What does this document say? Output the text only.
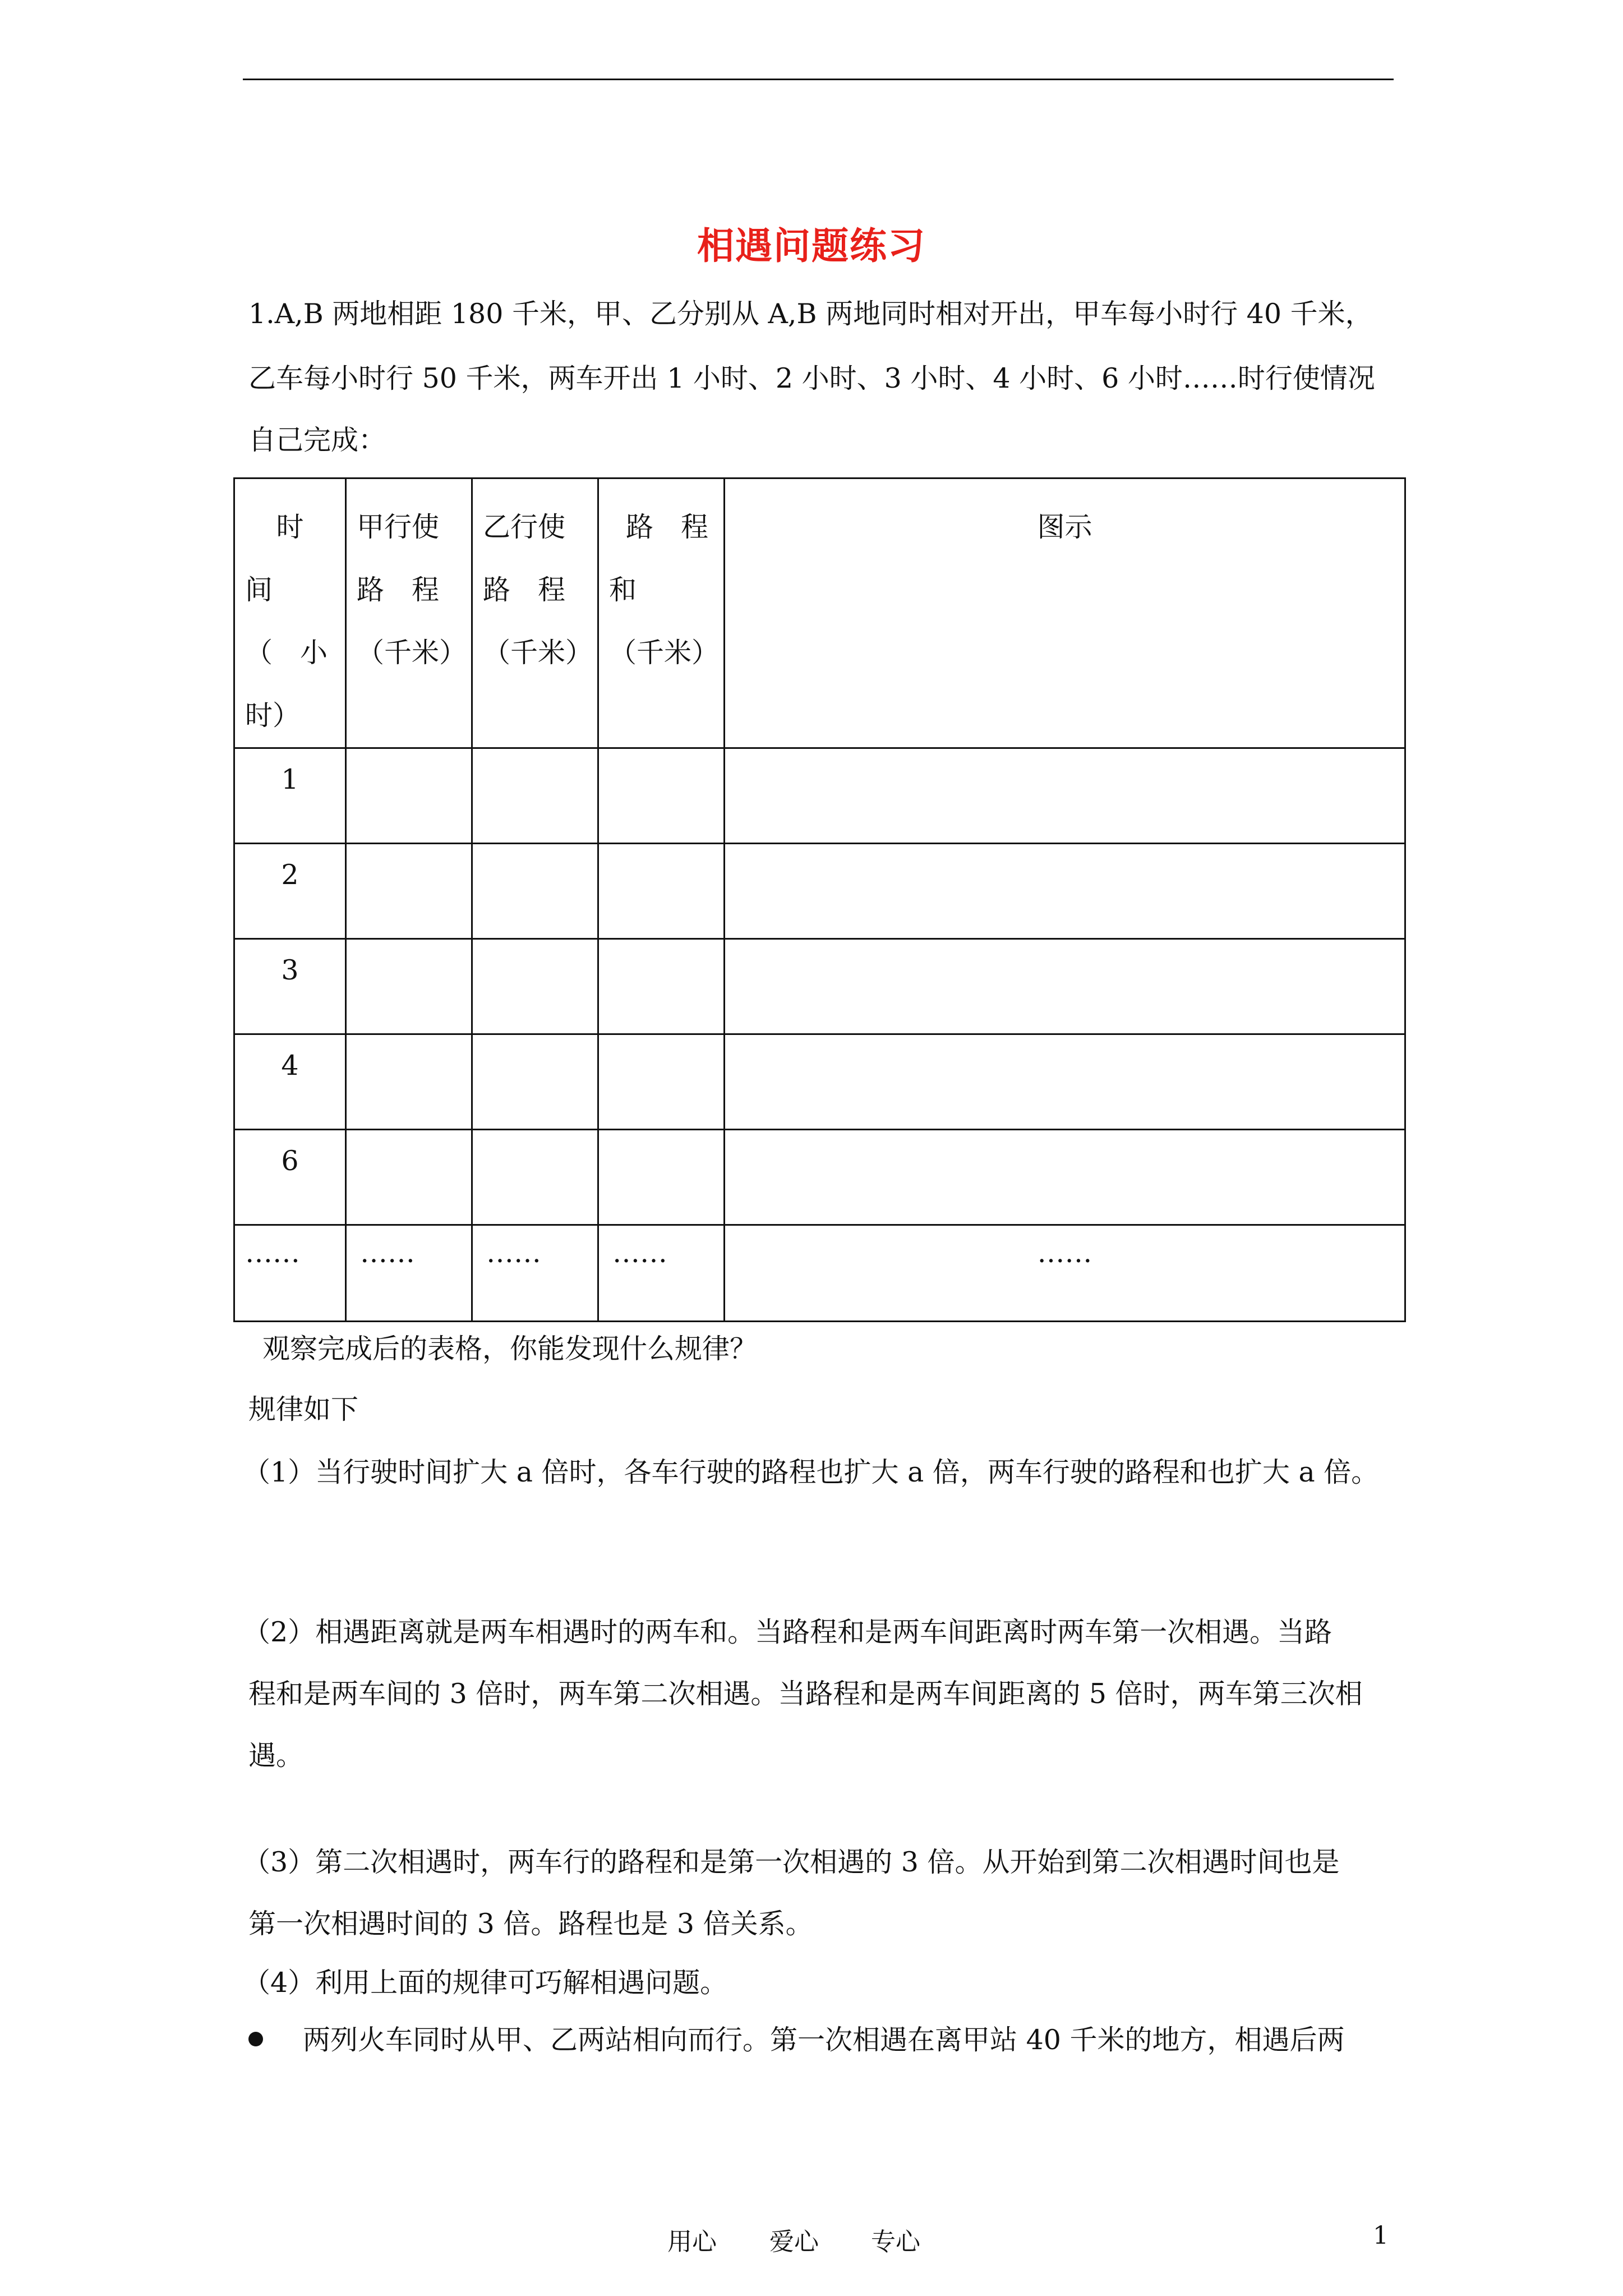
相遇问题练习
1.A,B 两地相距 180 千米，甲、乙分别从 A,B 两地同时相对开出，甲车每小时行 40 千米，
乙车每小时行 50 千米，两车开出 1 小时、2 小时、3 小时、4 小时、6 小时……时行使情况
自己完成：
时
间
（　小
时）	甲行使
路　程
（千米）	乙行使
路　程
（千米）	路　程
和
（千米）	图示
1				
2				
3				
4				
6				
……	……	……	……	……
观察完成后的表格，你能发现什么规律？
规律如下
（1）当行驶时间扩大 a 倍时，各车行驶的路程也扩大 a 倍，两车行驶的路程和也扩大 a 倍。
（2）相遇距离就是两车相遇时的两车和。当路程和是两车间距离时两车第一次相遇。当路
程和是两车间的 3 倍时，两车第二次相遇。当路程和是两车间距离的 5 倍时，两车第三次相
遇。
（3）第二次相遇时，两车行的路程和是第一次相遇的 3 倍。从开始到第二次相遇时间也是
第一次相遇时间的 3 倍。路程也是 3 倍关系。
（4）利用上面的规律可巧解相遇问题。
两列火车同时从甲、乙两站相向而行。第一次相遇在离甲站 40 千米的地方，相遇后两
用心 爱心 专心	1
